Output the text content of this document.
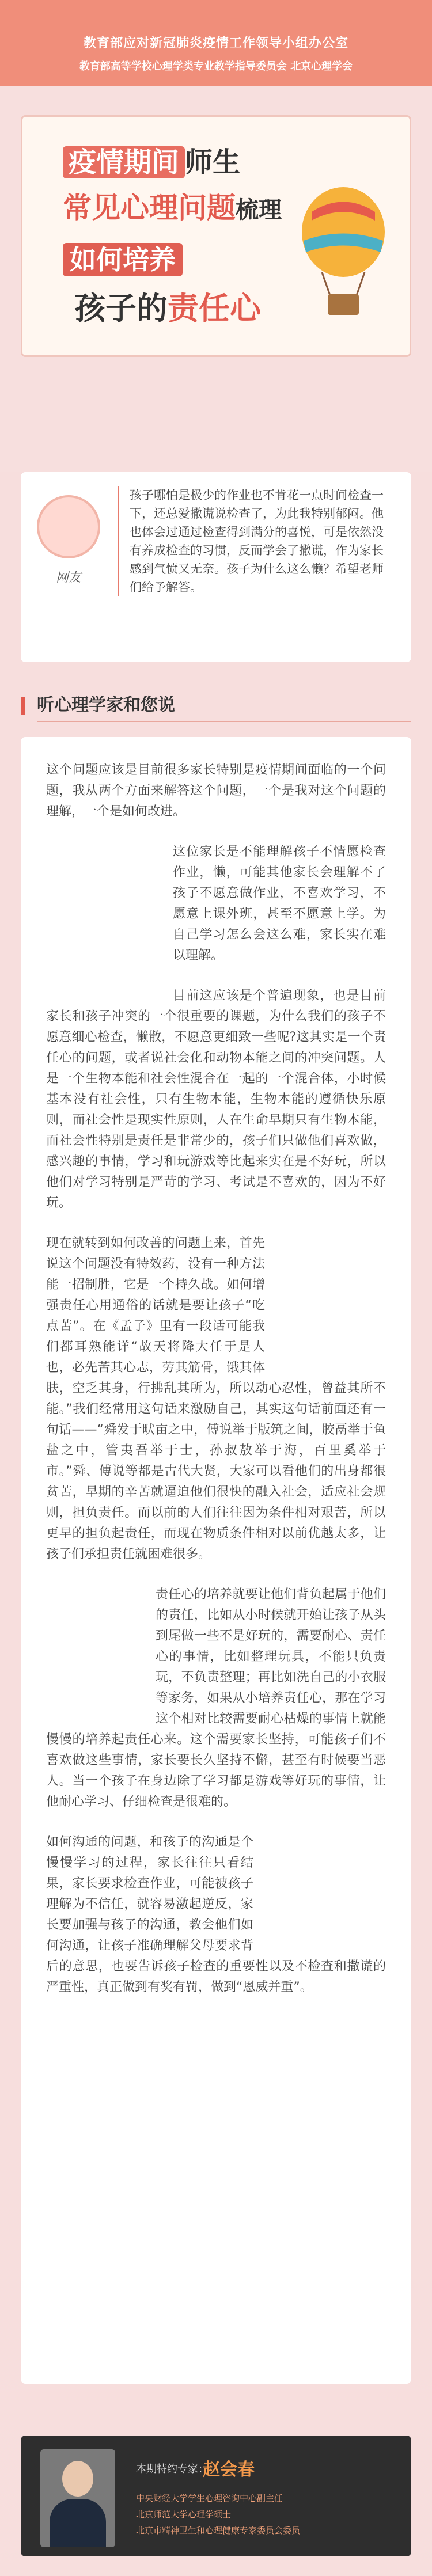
教育部应对新冠肺炎疫情工作领导小组办公室
教育部高等学校心理学类专业教学指导委员会 北京心理学会
疫情期间 师生
常见心理问题梳理
如何培养
孩子的责任心
网友
孩子哪怕是极少的作业也不肯花一点时间检查一下，还总爱撒谎说检查了，为此我特别郁闷。他也体会过通过检查得到满分的喜悦，可是依然没有养成检查的习惯，反而学会了撒谎，作为家长感到气愤又无奈。孩子为什么这么懒？希望老师们给予解答。
听心理学家和您说

这个问题应该是目前很多家长特别是疫情期间面临的一个问题，我从两个方面来解答这个问题，一个是我对这个问题的理解，一个是如何改进。

这位家长是不能理解孩子不情愿检查作业，懒，可能其他家长会理解不了孩子不愿意做作业，不喜欢学习，不愿意上课外班，甚至不愿意上学。为自己学习怎么会这么难，家长实在难以理解。

目前这应该是个普遍现象，也是目前家长和孩子冲突的一个很重要的课题，为什么我们的孩子不愿意细心检查，懒散，不愿意更细致一些呢?这其实是一个责任心的问题，或者说社会化和动物本能之间的冲突问题。人是一个生物本能和社会性混合在一起的一个混合体，小时候基本没有社会性，只有生物本能，生物本能的遵循快乐原则，而社会性是现实性原则，人在生命早期只有生物本能，而社会性特别是责任是非常少的，孩子们只做他们喜欢做，感兴趣的事情，学习和玩游戏等比起来实在是不好玩，所以他们对学习特别是严苛的学习、考试是不喜欢的，因为不好玩。

现在就转到如何改善的问题上来，首先说这个问题没有特效药，没有一种方法能一招制胜，它是一个持久战。如何增强责任心用通俗的话就是要让孩子“吃点苦”。在《孟子》里有一段话可能我们都耳熟能详“故天将降大任于是人也，必先苦其心志，劳其筋骨，饿其体肤，空乏其身，行拂乱其所为，所以动心忍性，曾益其所不能。”我们经常用这句话来激励自己，其实这句话前面还有一句话——“舜发于畎亩之中，傅说举于版筑之间，胶鬲举于鱼盐之中，管夷吾举于士，孙叔敖举于海，百里奚举于市。”舜、傅说等都是古代大贤，大家可以看他们的出身都很贫苦，早期的辛苦就逼迫他们很快的融入社会，适应社会规则，担负责任。而以前的人们往往因为条件相对艰苦，所以更早的担负起责任，而现在物质条件相对以前优越太多，让孩子们承担责任就困难很多。

责任心的培养就要让他们背负起属于他们的责任，比如从小时候就开始让孩子从头到尾做一些不是好玩的，需要耐心、责任心的事情，比如整理玩具，不能只负责玩，不负责整理；再比如洗自己的小衣服等家务，如果从小培养责任心，那在学习这个相对比较需要耐心枯燥的事情上就能慢慢的培养起责任心来。这个需要家长坚持，可能孩子们不喜欢做这些事情，家长要长久坚持不懈，甚至有时候要当恶人。当一个孩子在身边除了学习都是游戏等好玩的事情，让他耐心学习、仔细检查是很难的。

如何沟通的问题，和孩子的沟通是个慢慢学习的过程，家长往往只看结果，家长要求检查作业，可能被孩子理解为不信任，就容易激起逆反，家长要加强与孩子的沟通，教会他们如何沟通，让孩子准确理解父母要求背后的意思，也要告诉孩子检查的重要性以及不检查和撒谎的严重性，真正做到有奖有罚，做到“恩威并重”。

本期特约专家：
赵会春
中央财经大学学生心理咨询中心副主任
北京师范大学心理学硕士
北京市精神卫生和心理健康专家委员会委员
